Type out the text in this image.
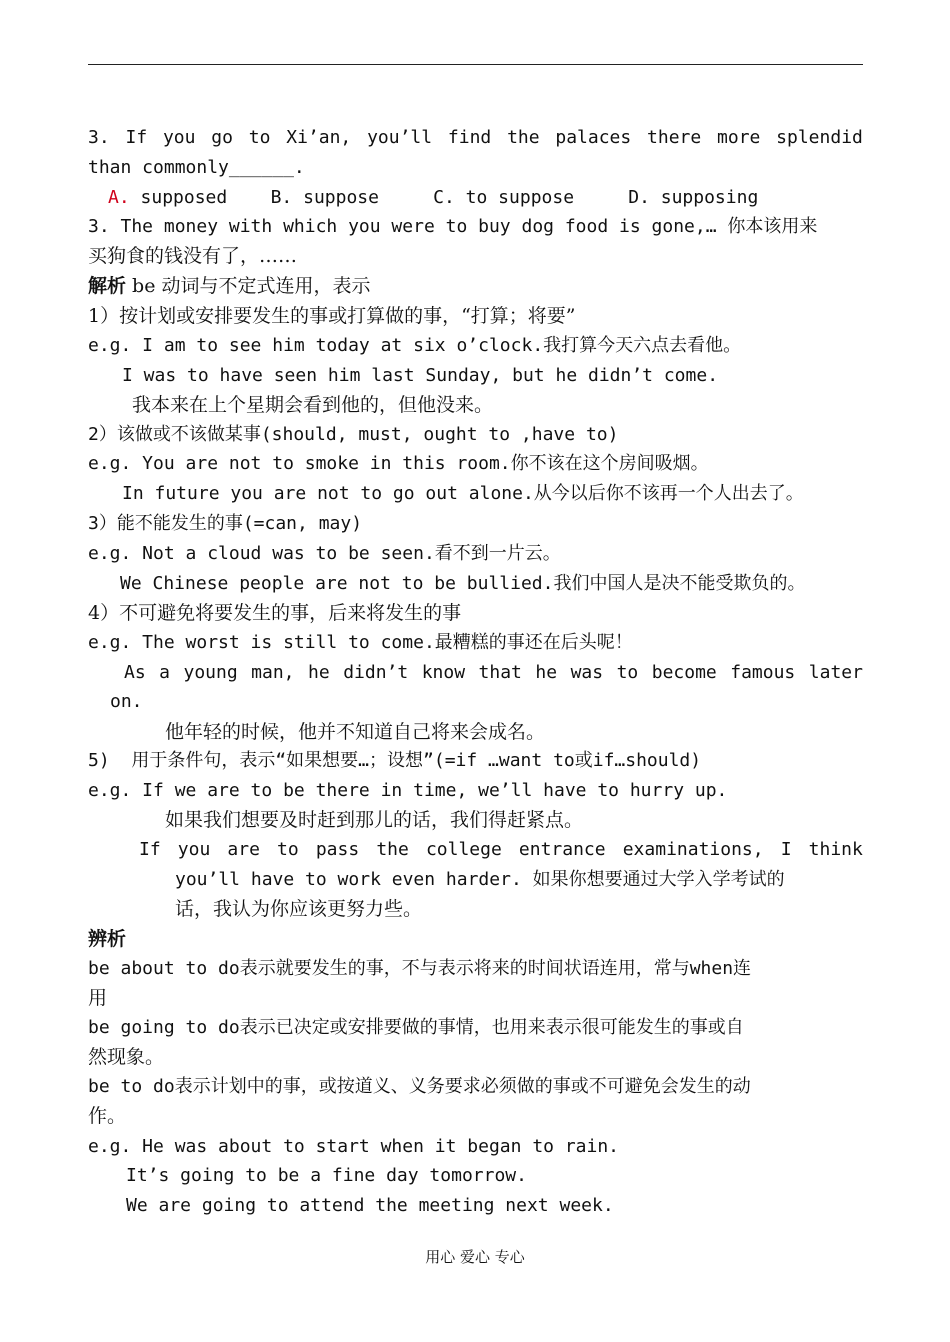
3. If you go to Xi’an, you’ll find the palaces there more splendid
than commonly______.
A. supposed B. suppose	C. to suppose	D. supposing
3. The money with which you were to buy dog food is gone,… 你本该用来
买狗食的钱没有了，……
解析 be 动词与不定式连用，表示
1）按计划或安排要发生的事或打算做的事，“打算；将要”
e.g. I am to see him today at six o’clock.我打算今天六点去看他。
I was to have seen him last Sunday, but he didn’t come.
我本来在上个星期会看到他的，但他没来。
2）该做或不该做某事(should, must, ought to ,have to)
e.g. You are not to smoke in this room.你不该在这个房间吸烟。
In future you are not to go out alone.从今以后你不该再一个人出去了。
3）能不能发生的事(=can, may)
e.g. Not a cloud was to be seen.看不到一片云。
We Chinese people are not to be bullied.我们中国人是决不能受欺负的。
4）不可避免将要发生的事，后来将发生的事
e.g. The worst is still to come.最糟糕的事还在后头呢！
As a young man, he didn’t know that he was to become famous later
on.
他年轻的时候，他并不知道自己将来会成名。
5)  用于条件句，表示“如果想要…；设想”(=if …want to或if…should)
e.g. If we are to be there in time, we’ll have to hurry up.
如果我们想要及时赶到那儿的话，我们得赶紧点。
If you are to pass the college entrance examinations, I think
you’ll have to work even harder. 如果你想要通过大学入学考试的
话，我认为你应该更努力些。
辨析
be about to do表示就要发生的事，不与表示将来的时间状语连用，常与when连
用
be going to do表示已决定或安排要做的事情，也用来表示很可能发生的事或自
然现象。
be to do表示计划中的事，或按道义、义务要求必须做的事或不可避免会发生的动
作。
e.g. He was about to start when it began to rain.
It’s going to be a fine day tomorrow.
We are going to attend the meeting next week.
用心 爱心 专心
